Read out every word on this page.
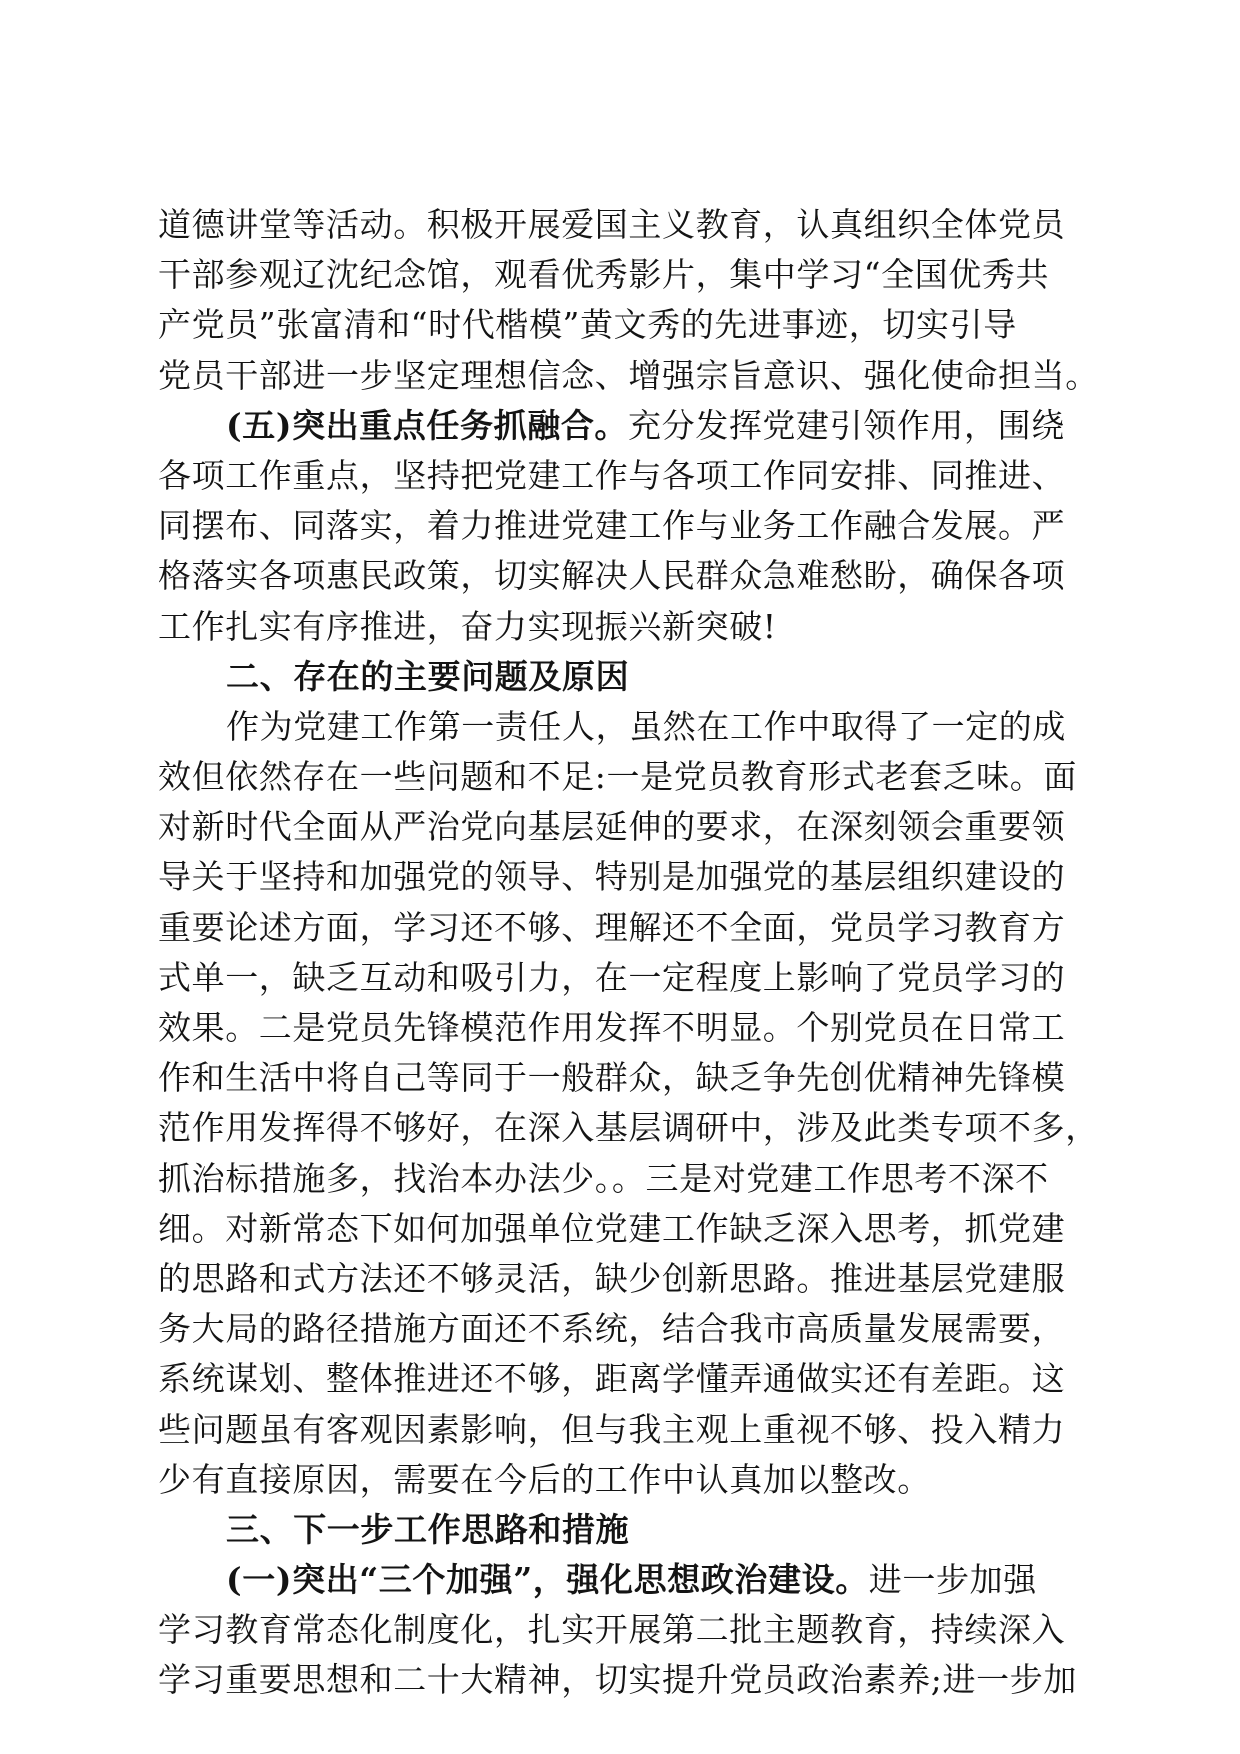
道德讲堂等活动。积极开展爱国主义教育，认真组织全体党员
干部参观辽沈纪念馆，观看优秀影片，集中学习“全国优秀共
产党员”张富清和“时代楷模”黄文秀的先进事迹，切实引导
党员干部进一步坚定理想信念、增强宗旨意识、强化使命担当。
(五)突出重点任务抓融合。充分发挥党建引领作用，围绕
各项工作重点，坚持把党建工作与各项工作同安排、同推进、
同摆布、同落实，着力推进党建工作与业务工作融合发展。严
格落实各项惠民政策，切实解决人民群众急难愁盼，确保各项
工作扎实有序推进，奋力实现振兴新突破!
二、存在的主要问题及原因
作为党建工作第一责任人，虽然在工作中取得了一定的成
效但依然存在一些问题和不足:一是党员教育形式老套乏味。面
对新时代全面从严治党向基层延伸的要求，在深刻领会重要领
导关于坚持和加强党的领导、特别是加强党的基层组织建设的
重要论述方面，学习还不够、理解还不全面，党员学习教育方
式单一，缺乏互动和吸引力，在一定程度上影响了党员学习的
效果。二是党员先锋模范作用发挥不明显。个别党员在日常工
作和生活中将自己等同于一般群众，缺乏争先创优精神先锋模
范作用发挥得不够好，在深入基层调研中，涉及此类专项不多，
抓治标措施多，找治本办法少。。三是对党建工作思考不深不
细。对新常态下如何加强单位党建工作缺乏深入思考，抓党建
的思路和式方法还不够灵活，缺少创新思路。推进基层党建服
务大局的路径措施方面还不系统，结合我市高质量发展需要，
系统谋划、整体推进还不够，距离学懂弄通做实还有差距。这
些问题虽有客观因素影响，但与我主观上重视不够、投入精力
少有直接原因，需要在今后的工作中认真加以整改。
三、下一步工作思路和措施
(一)突出“三个加强”，强化思想政治建设。进一步加强
学习教育常态化制度化，扎实开展第二批主题教育，持续深入
学习重要思想和二十大精神，切实提升党员政治素养;进一步加
